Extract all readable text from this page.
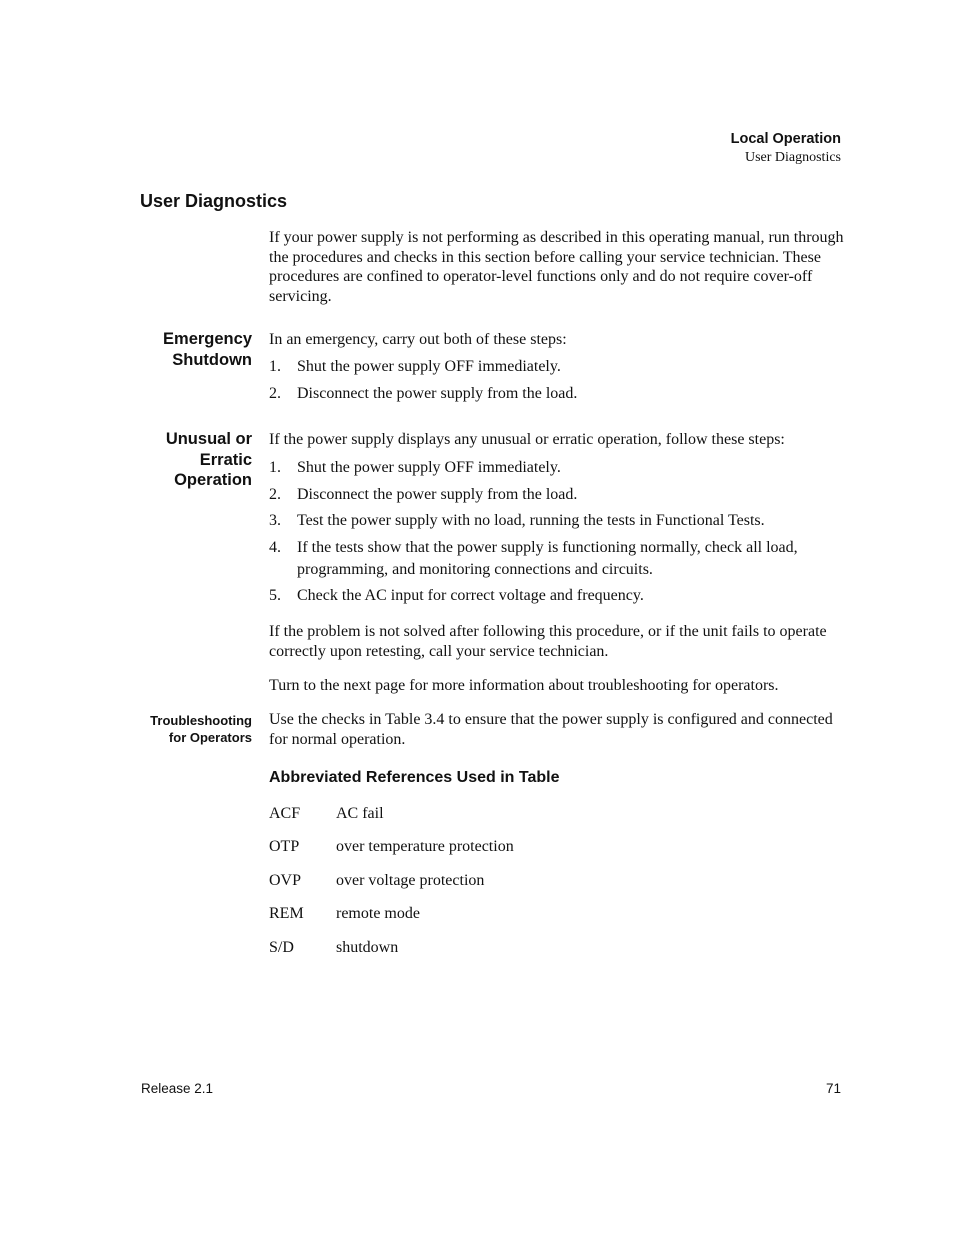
Local Operation
User Diagnostics
User Diagnostics
If your power supply is not performing as described in this operating manual, run through the procedures and checks in this section before calling your service technician. These procedures are confined to operator-level functions only and do not require cover-off servicing.
Emergency
Shutdown
In an emergency, carry out both of these steps:
1. Shut the power supply OFF immediately.
2. Disconnect the power supply from the load.
Unusual or
Erratic
Operation
If the power supply displays any unusual or erratic operation, follow these steps:
1. Shut the power supply OFF immediately.
2. Disconnect the power supply from the load.
3. Test the power supply with no load, running the tests in Functional Tests.
4. If the tests show that the power supply is functioning normally, check all load, programming, and monitoring connections and circuits.
5. Check the AC input for correct voltage and frequency.
If the problem is not solved after following this procedure, or if the unit fails to operate correctly upon retesting, call your service technician.
Turn to the next page for more information about troubleshooting for operators.
Troubleshooting
for Operators
Use the checks in Table 3.4 to ensure that the power supply is configured and connected for normal operation.
Abbreviated References Used in Table
ACF AC fail
OTP over temperature protection
OVP over voltage protection
REM remote mode
S/D	shutdown
Release 2.1	71
